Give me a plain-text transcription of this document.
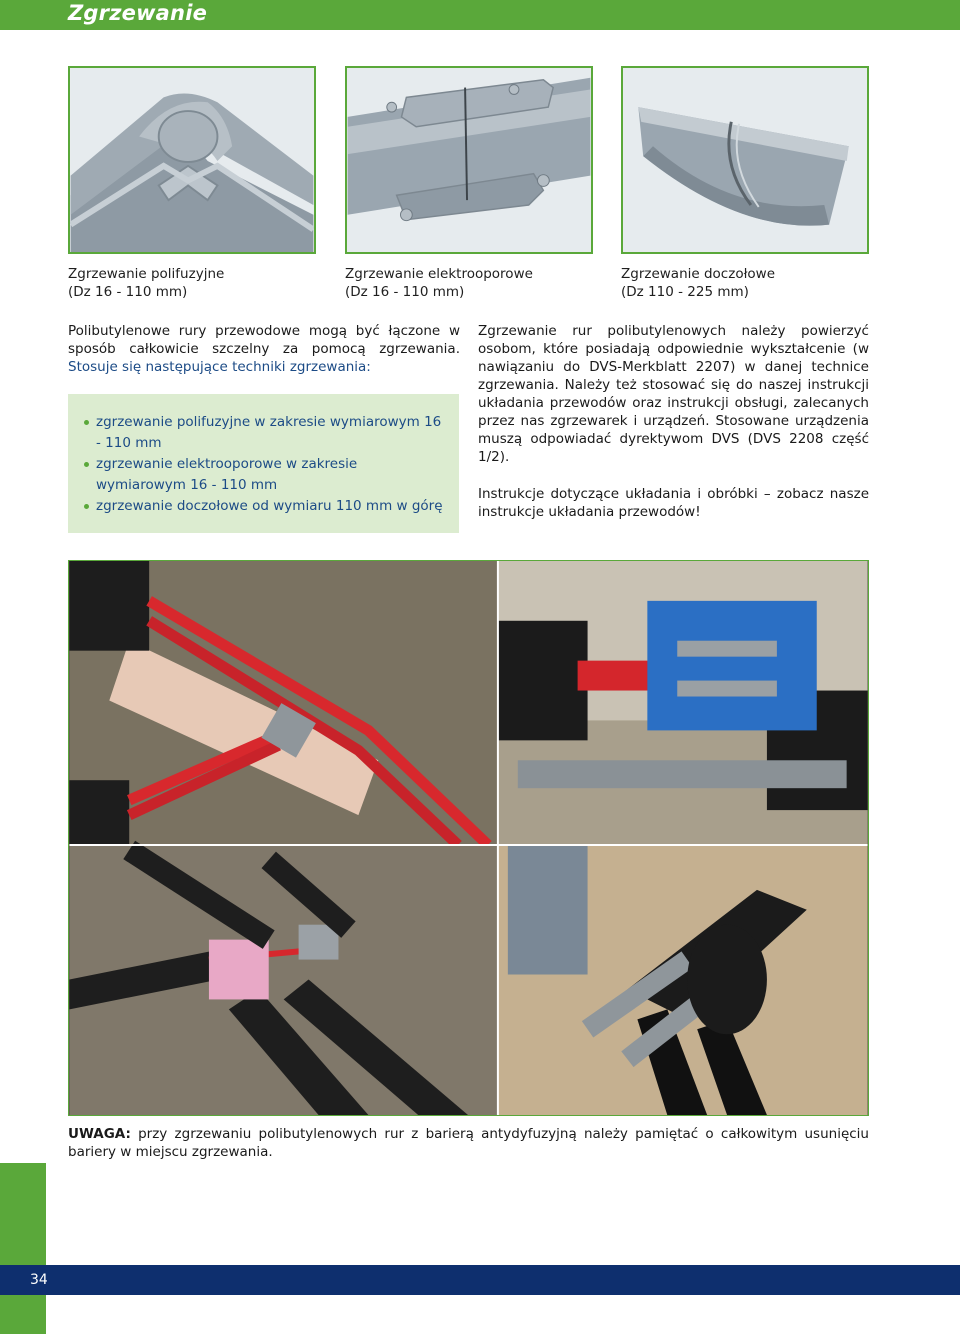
Zgrzewanie
Zgrzewanie polifuzyjne
(Dz 16 - 110 mm)
Zgrzewanie elektrooporowe
(Dz 16 - 110 mm)
Zgrzewanie doczołowe
(Dz 110 - 225 mm)
Polibutylenowe rury przewodowe mogą być łączone w sposób całkowicie szczelny za pomocą zgrzewania. Stosuje się następujące techniki zgrzewania:
zgrzewanie polifuzyjne w zakresie wymiarowym 16 - 110 mm
zgrzewanie elektrooporowe w zakresie wymiarowym 16 - 110 mm
zgrzewanie doczołowe od wymiaru 110 mm w górę

Zgrzewanie rur polibutylenowych należy powierzyć osobom, które posiadają odpowiednie wykształcenie (w nawiązaniu do DVS-Merkblatt 2207) w danej technice zgrzewania. Należy też stosować się do naszej instrukcji układania przewodów oraz instrukcji obsługi, zalecanych przez nas zgrzewarek i urządzeń. Stosowane urządzenia muszą odpowiadać dyrektywom DVS (DVS 2208 część 1/2).

Instrukcje dotyczące układania i obróbki – zobacz nasze instrukcje układania przewodów!

UWAGA: przy zgrzewaniu polibutylenowych rur z barierą antydyfuzyjną należy pamiętać o całkowitym usunięciu bariery w miejscu zgrzewania.
34
